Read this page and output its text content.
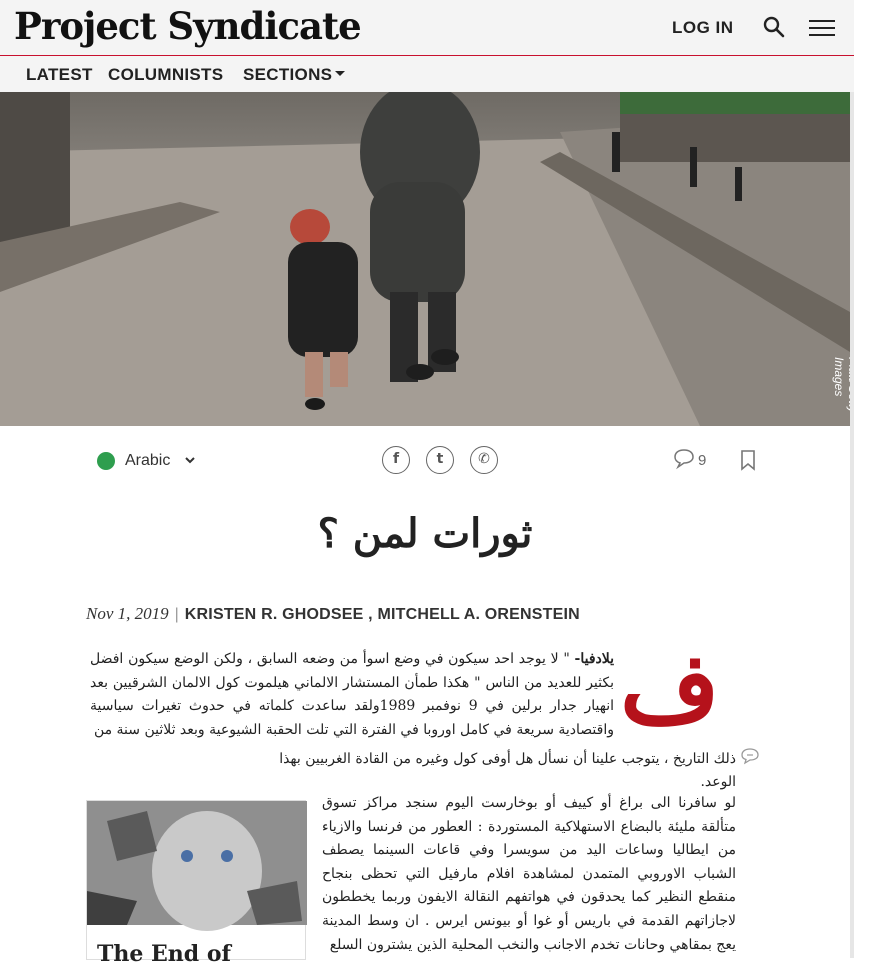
Project Syndicate	LOG IN
LATEST COLUMNISTS SECTIONS
Spencer Images
Arabic	f	t	✆	9
ثورات لمن ؟
Nov 1, 2019 | KRISTEN R. GHODSEE , MITCHELL A. ORENSTEIN
ف

يلادفيا- " لا يوجد احد سيكون في وضع اسوأ من وضعه السابق ، ولكن الوضع سيكون افضل بكثير للعديد من الناس " هكذا طمأن المستشار الالماني هيلموت كول الالمان الشرقيين بعد انهيار جدار برلين في 9 نوفمبر 1989ولقد ساعدت كلماته في حدوث تغيرات سياسية واقتصادية سريعة في كامل اوروبا في الفترة التي تلت الحقبة الشيوعية وبعد ثلاثين سنة من

ذلك التاريخ ، يتوجب علينا أن نسأل هل أوفى كول وغيره من القادة الغربيين بهذا الوعد.

The End of

لو سافرنا الى براغ أو كييف أو بوخارست اليوم سنجد مراكز تسوق متألقة مليئة بالبضاع الاستهلاكية المستوردة : العطور من فرنسا والازياء من ايطاليا وساعات اليد من سويسرا وفي قاعات السينما يصطف الشباب الاوروبي المتمدن لمشاهدة افلام مارفيل التي تحظى بنجاح منقطع النظير كما يحدقون في هواتفهم النقالة الايفون وربما يخططون لاجازاتهم القدمة في باريس أو غوا أو بيونس ايرس . ان وسط المدينة يعج بمقاهي وحانات تخدم الاجانب والنخب المحلية الذين يشترون السلع
